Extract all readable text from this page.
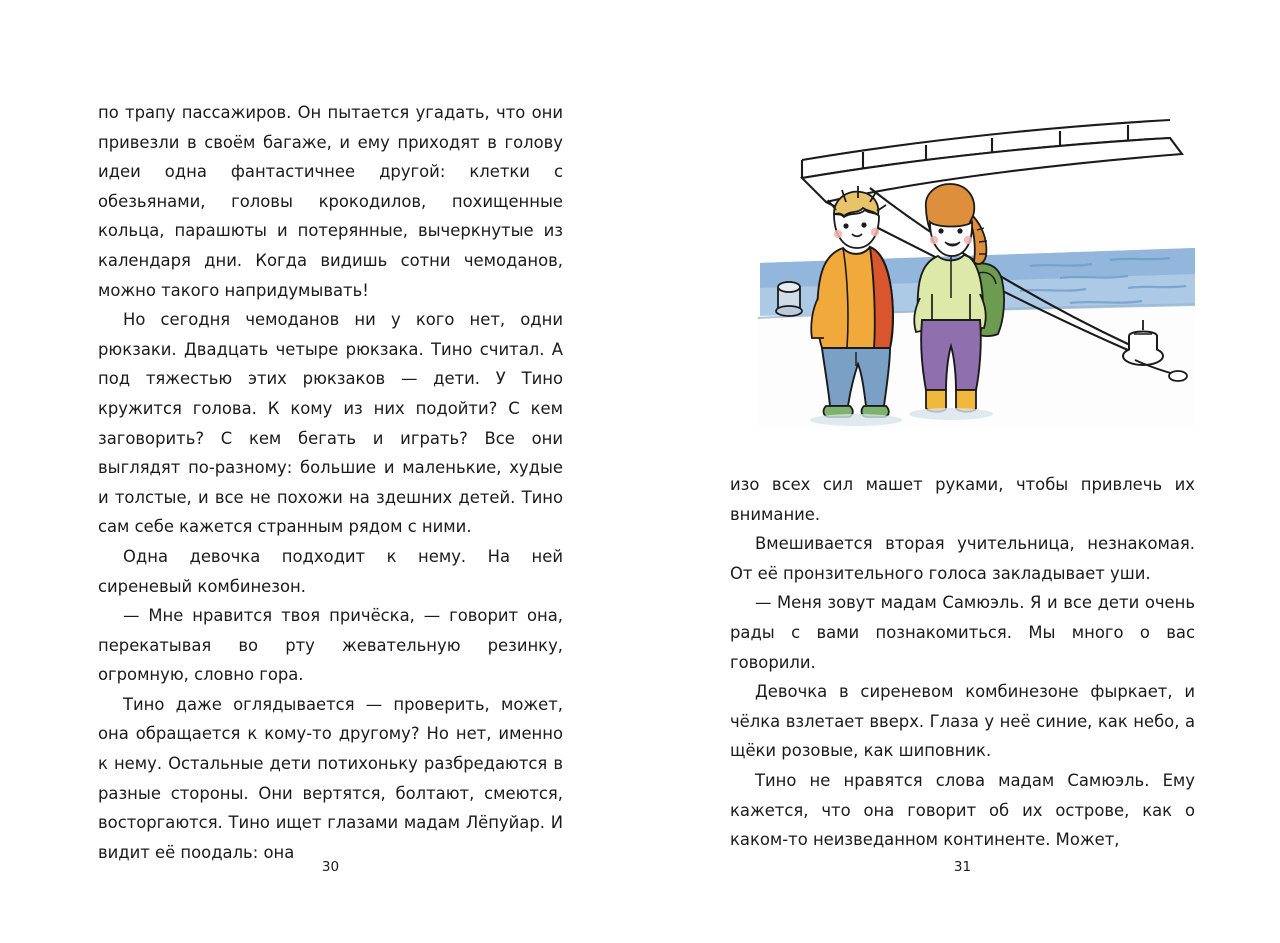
по трапу пассажиров. Он пытается угадать, что они привезли в своём багаже, и ему приходят в голову идеи одна фантастичнее другой: клетки с обезьянами, головы крокодилов, похищенные кольца, парашюты и потерянные, вычеркнутые из календаря дни. Когда видишь сотни чемоданов, можно такого напридумывать!

Но сегодня чемоданов ни у кого нет, одни рюкзаки. Двадцать четыре рюкзака. Тино считал. А под тяжестью этих рюкзаков — дети. У Тино кружится голова. К кому из них подойти? С кем заговорить? С кем бегать и играть? Все они выглядят по-разному: большие и маленькие, худые и толстые, и все не похожи на здешних детей. Тино сам себе кажется странным рядом с ними.

Одна девочка подходит к нему. На ней сиреневый комбинезон.

— Мне нравится твоя причёска, — говорит она, перекатывая во рту жевательную резинку, огромную, словно гора.

Тино даже оглядывается — проверить, может, она обращается к кому-то другому? Но нет, именно к нему. Остальные дети потихоньку разбредаются в разные стороны. Они вертятся, болтают, смеются, восторгаются. Тино ищет глазами мадам Лёпуйар. И видит её поодаль: она

30

изо всех сил машет руками, чтобы привлечь их внимание.

Вмешивается вторая учительница, незнакомая. От её пронзительного голоса закладывает уши.

— Меня зовут мадам Самюэль. Я и все дети очень рады с вами познакомиться. Мы много о вас говорили.

Девочка в сиреневом комбинезоне фыркает, и чёлка взлетает вверх. Глаза у неё синие, как небо, а щёки розовые, как шиповник.

Тино не нравятся слова мадам Самюэль. Ему кажется, что она говорит об их острове, как о каком-то неизведанном континенте. Может,

31
